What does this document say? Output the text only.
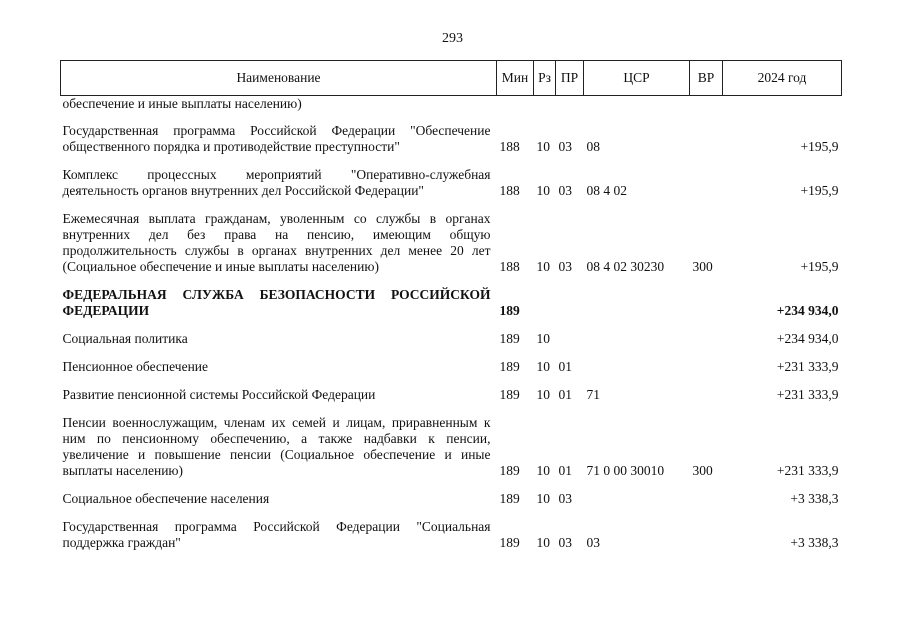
293
Наименование	Мин	Рз	ПР	ЦСР	ВР	2024 год
обеспечение и иные выплаты населению)						

Государственная программа Российской Федерации "Обеспечение общественного порядка и противодействие преступности"	188	10	03	08		+195,9

Комплекс процессных мероприятий "Оперативно-служебная деятельность органов внутренних дел Российской Федерации"	188	10	03	08 4 02		+195,9

Ежемесячная выплата гражданам, уволенным со службы в органах внутренних дел без права на пенсию, имеющим общую продолжительность службы в органах внутренних дел менее 20 лет (Социальное обеспечение и иные выплаты населению)	188	10	03	08 4 02 30230	300	+195,9

ФЕДЕРАЛЬНАЯ СЛУЖБА БЕЗОПАСНОСТИ РОССИЙСКОЙ ФЕДЕРАЦИИ	189					+234 934,0

Социальная политика	189	10				+234 934,0

Пенсионное обеспечение	189	10	01			+231 333,9

Развитие пенсионной системы Российской Федерации	189	10	01	71		+231 333,9

Пенсии военнослужащим, членам их семей и лицам, приравненным к ним по пенсионному обеспечению, а также надбавки к пенсии, увеличение и повышение пенсии (Социальное обеспечение и иные выплаты населению)	189	10	01	71 0 00 30010	300	+231 333,9

Социальное обеспечение населения	189	10	03			+3 338,3

Государственная программа Российской Федерации "Социальная поддержка граждан"	189	10	03	03		+3 338,3
